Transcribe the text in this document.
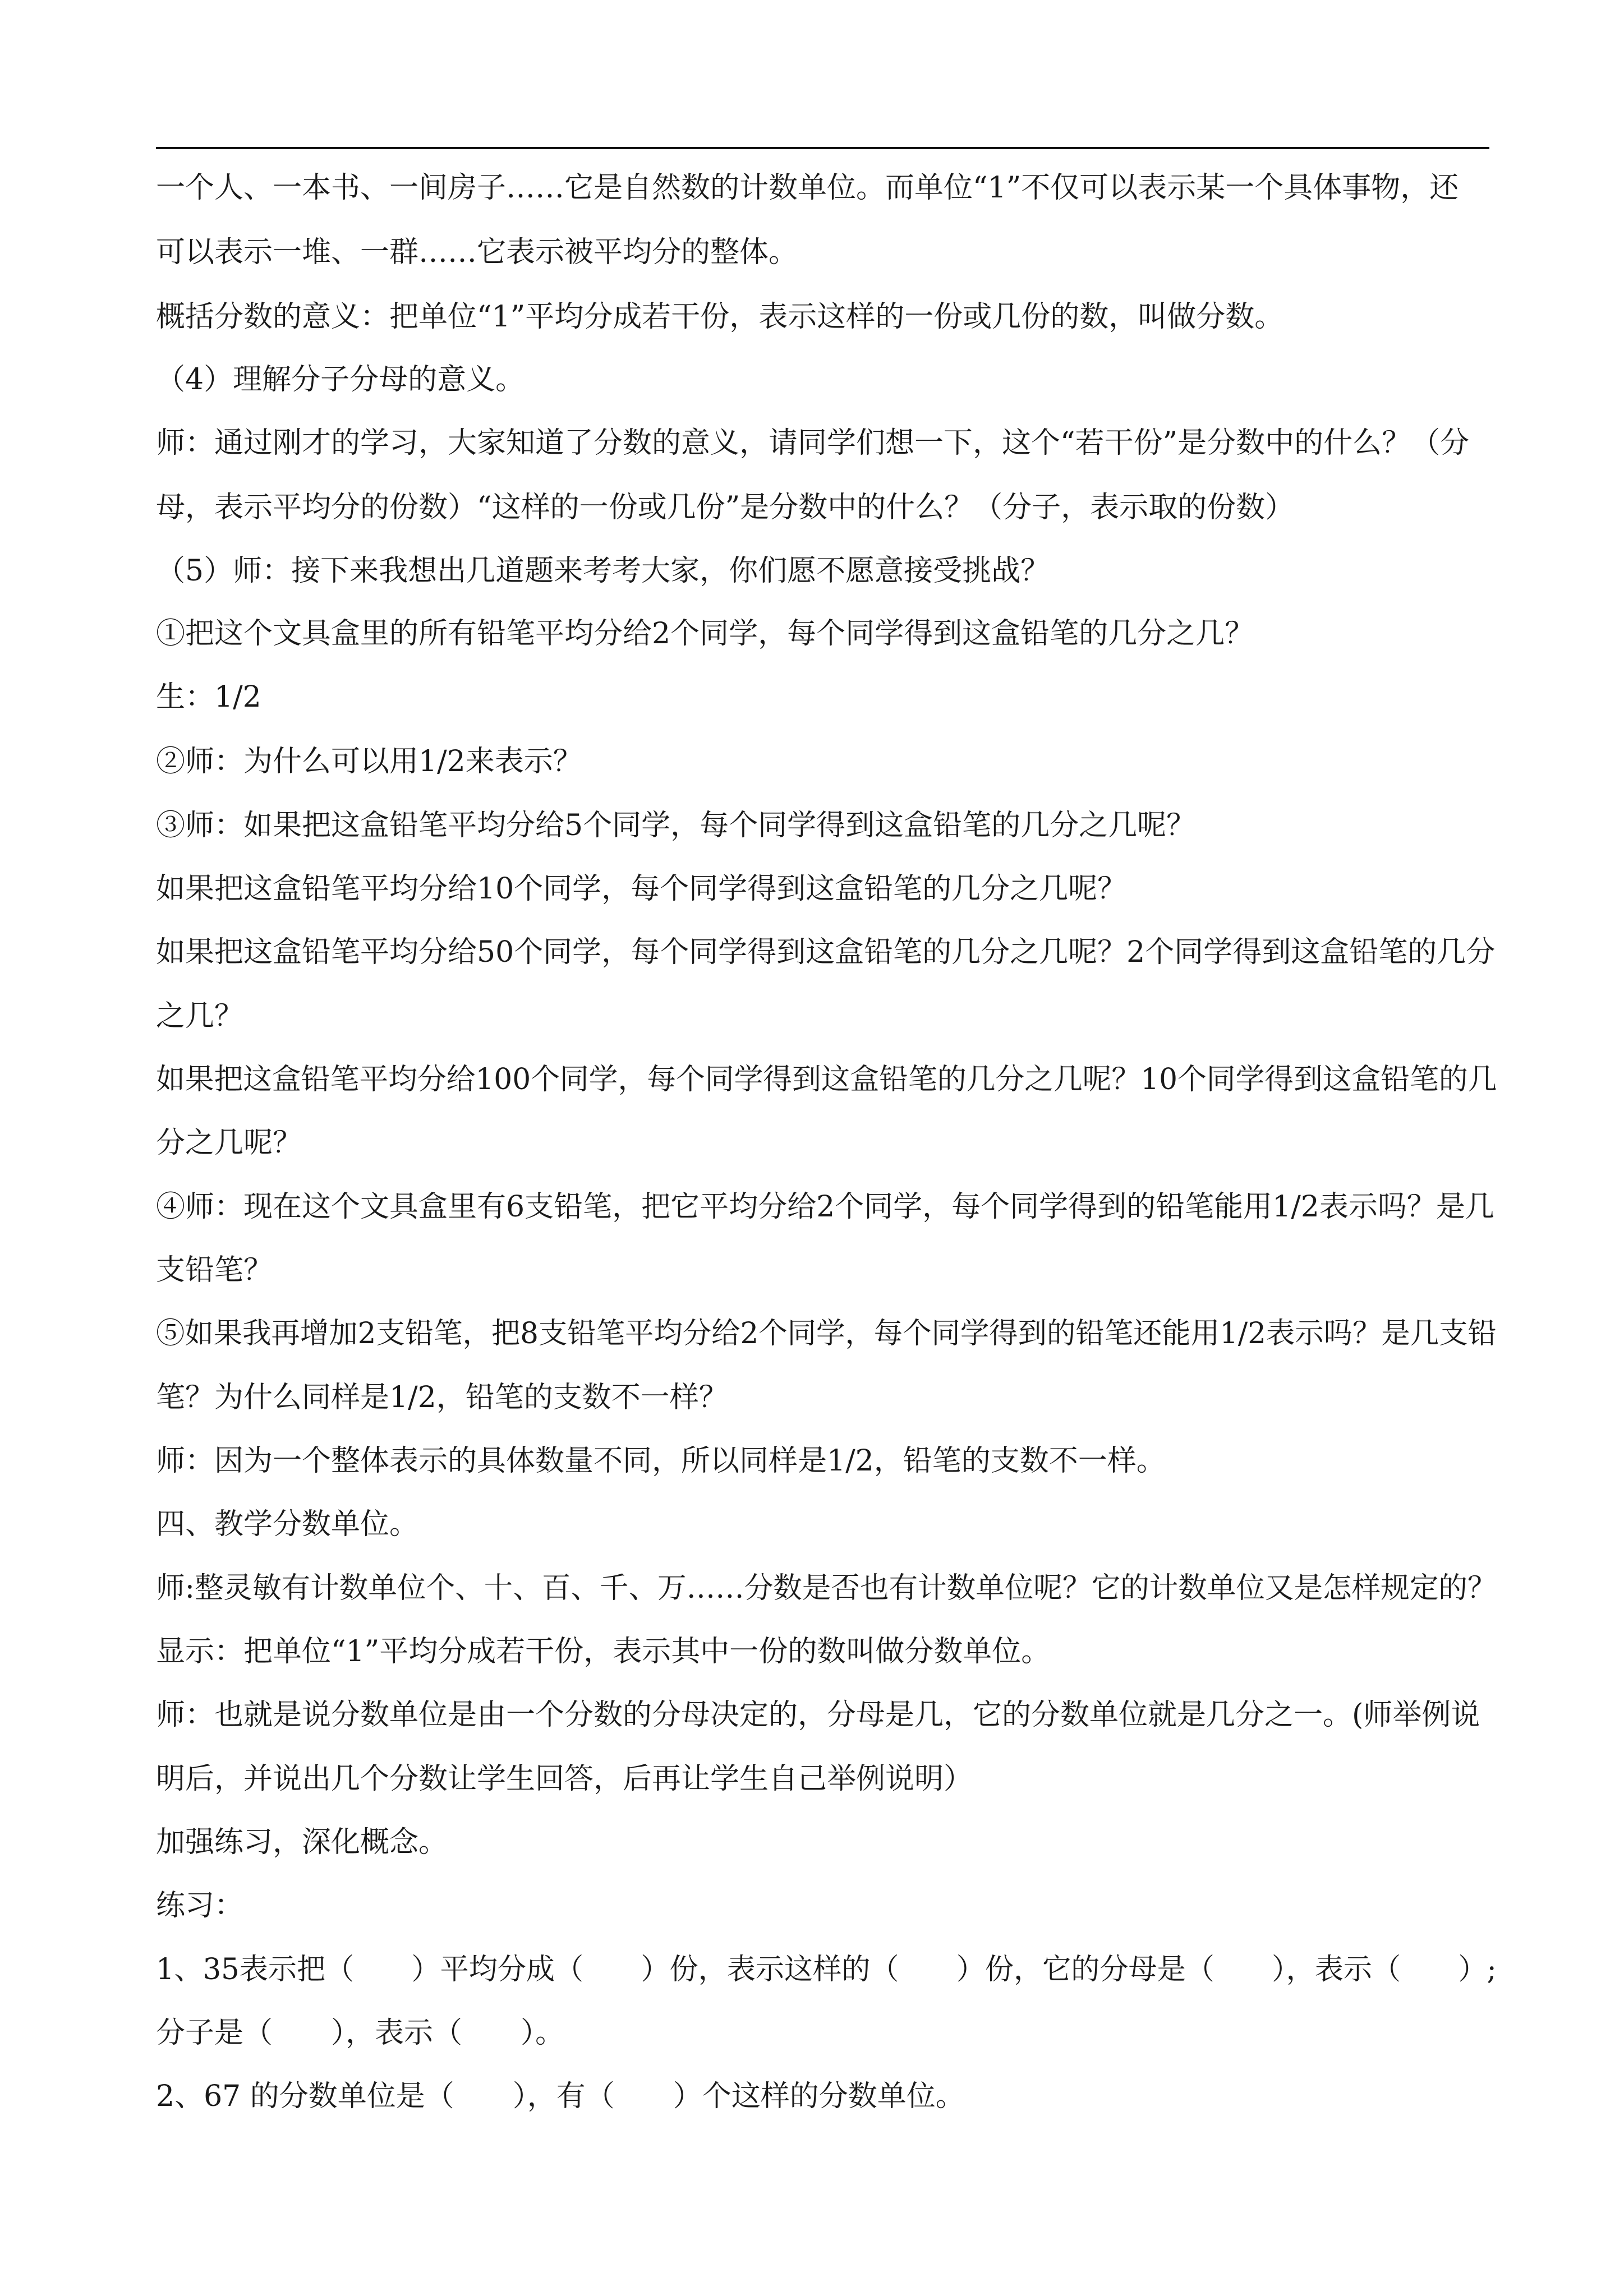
一个人、一本书、一间房子……它是自然数的计数单位。而单位“1”不仅可以表示某一个具体事物，还
可以表示一堆、一群……它表示被平均分的整体。
概括分数的意义：把单位“1”平均分成若干份，表示这样的一份或几份的数，叫做分数。
（4）理解分子分母的意义。
师：通过刚才的学习，大家知道了分数的意义，请同学们想一下，这个“若干份”是分数中的什么？（分
母，表示平均分的份数）“这样的一份或几份”是分数中的什么？（分子，表示取的份数）
（5）师：接下来我想出几道题来考考大家，你们愿不愿意接受挑战？
①把这个文具盒里的所有铅笔平均分给2个同学，每个同学得到这盒铅笔的几分之几？
生：1/2
②师：为什么可以用1/2来表示？
③师：如果把这盒铅笔平均分给5个同学，每个同学得到这盒铅笔的几分之几呢？
如果把这盒铅笔平均分给10个同学，每个同学得到这盒铅笔的几分之几呢？
如果把这盒铅笔平均分给50个同学，每个同学得到这盒铅笔的几分之几呢？2个同学得到这盒铅笔的几分
之几？
如果把这盒铅笔平均分给100个同学，每个同学得到这盒铅笔的几分之几呢？10个同学得到这盒铅笔的几
分之几呢？
④师：现在这个文具盒里有6支铅笔，把它平均分给2个同学，每个同学得到的铅笔能用1/2表示吗？是几
支铅笔？
⑤如果我再增加2支铅笔，把8支铅笔平均分给2个同学，每个同学得到的铅笔还能用1/2表示吗？是几支铅
笔？为什么同样是1/2，铅笔的支数不一样？
师：因为一个整体表示的具体数量不同，所以同样是1/2，铅笔的支数不一样。
四、教学分数单位。
师:整灵敏有计数单位个、十、百、千、万……分数是否也有计数单位呢？它的计数单位又是怎样规定的？
显示：把单位“1”平均分成若干份，表示其中一份的数叫做分数单位。
师：也就是说分数单位是由一个分数的分母决定的，分母是几，它的分数单位就是几分之一。(师举例说
明后，并说出几个分数让学生回答，后再让学生自己举例说明）
加强练习，深化概念。
练习：
1、35表示把（　　）平均分成（　　）份，表示这样的（　　）份，它的分母是（　　），表示（　　）;
分子是（　　），表示（　　）。
2、67 的分数单位是（　　），有（　　）个这样的分数单位。
